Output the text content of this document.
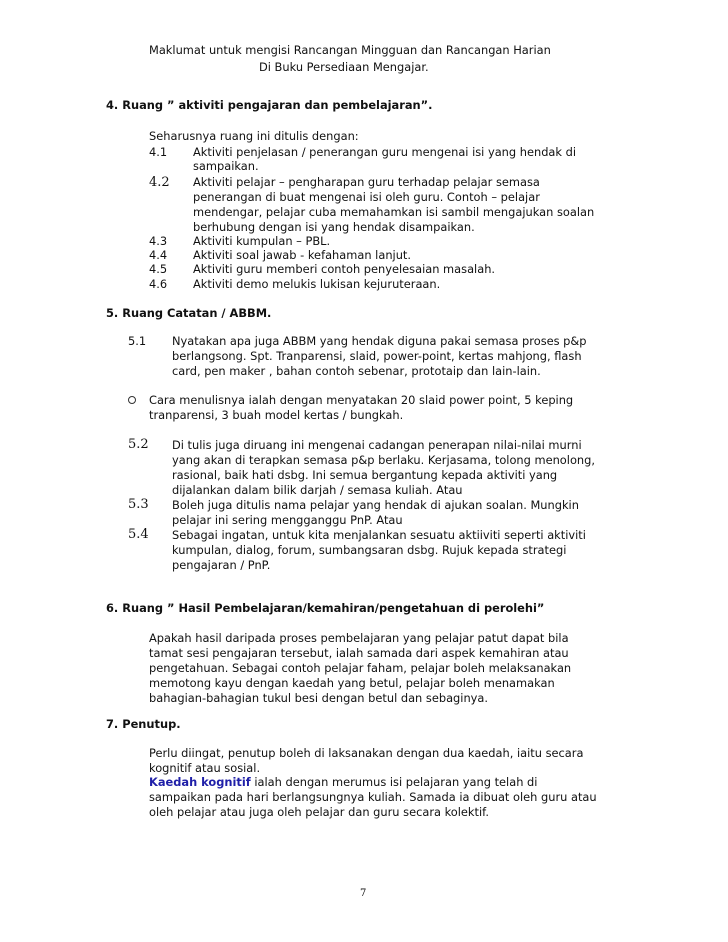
Maklumat untuk mengisi Rancangan Mingguan dan Rancangan Harian
Di Buku Persediaan Mengajar.
4. Ruang ” aktiviti pengajaran dan pembelajaran”.
Seharusnya ruang ini ditulis dengan:
4.1 Aktiviti penjelasan / penerangan guru mengenai isi yang hendak di
sampaikan.
4.2 Aktiviti pelajar – pengharapan guru terhadap pelajar semasa
penerangan di buat mengenai isi oleh guru. Contoh – pelajar
mendengar, pelajar cuba memahamkan isi sambil mengajukan soalan
berhubung dengan isi yang hendak disampaikan.
4.3 Aktiviti kumpulan – PBL.
4.4 Aktiviti soal jawab - kefahaman lanjut.
4.5 Aktiviti guru memberi contoh penyelesaian masalah.
4.6 Aktiviti demo melukis lukisan kejuruteraan.
5. Ruang Catatan / ABBM.
5.1 Nyatakan apa juga ABBM yang hendak diguna pakai semasa proses p&p
berlangsong. Spt. Tranparensi, slaid, power-point, kertas mahjong, flash
card, pen maker , bahan contoh sebenar, prototaip dan lain-lain.
Cara menulisnya ialah dengan menyatakan 20 slaid power point, 5 keping
tranparensi, 3 buah model kertas / bungkah.
5.2 Di tulis juga diruang ini mengenai cadangan penerapan nilai-nilai murni
yang akan di terapkan semasa p&p berlaku. Kerjasama, tolong menolong,
rasional, baik hati dsbg. Ini semua bergantung kepada aktiviti yang
dijalankan dalam bilik darjah / semasa kuliah. Atau
5.3 Boleh juga ditulis nama pelajar yang hendak di ajukan soalan. Mungkin
pelajar ini sering mengganggu PnP. Atau
5.4 Sebagai ingatan, untuk kita menjalankan sesuatu aktiiviti seperti aktiviti
kumpulan, dialog, forum, sumbangsaran dsbg. Rujuk kepada strategi
pengajaran / PnP.
6. Ruang ” Hasil Pembelajaran/kemahiran/pengetahuan di perolehi”
Apakah hasil daripada proses pembelajaran yang pelajar patut dapat bila
tamat sesi pengajaran tersebut, ialah samada dari aspek kemahiran atau
pengetahuan. Sebagai contoh pelajar faham, pelajar boleh melaksanakan
memotong kayu dengan kaedah yang betul, pelajar boleh menamakan
bahagian-bahagian tukul besi dengan betul dan sebaginya.
7. Penutup.
Perlu diingat, penutup boleh di laksanakan dengan dua kaedah, iaitu secara
kognitif atau sosial.
Kaedah kognitif ialah dengan merumus isi pelajaran yang telah di
sampaikan pada hari berlangsungnya kuliah. Samada ia dibuat oleh guru atau
oleh pelajar atau juga oleh pelajar dan guru secara kolektif.
7
